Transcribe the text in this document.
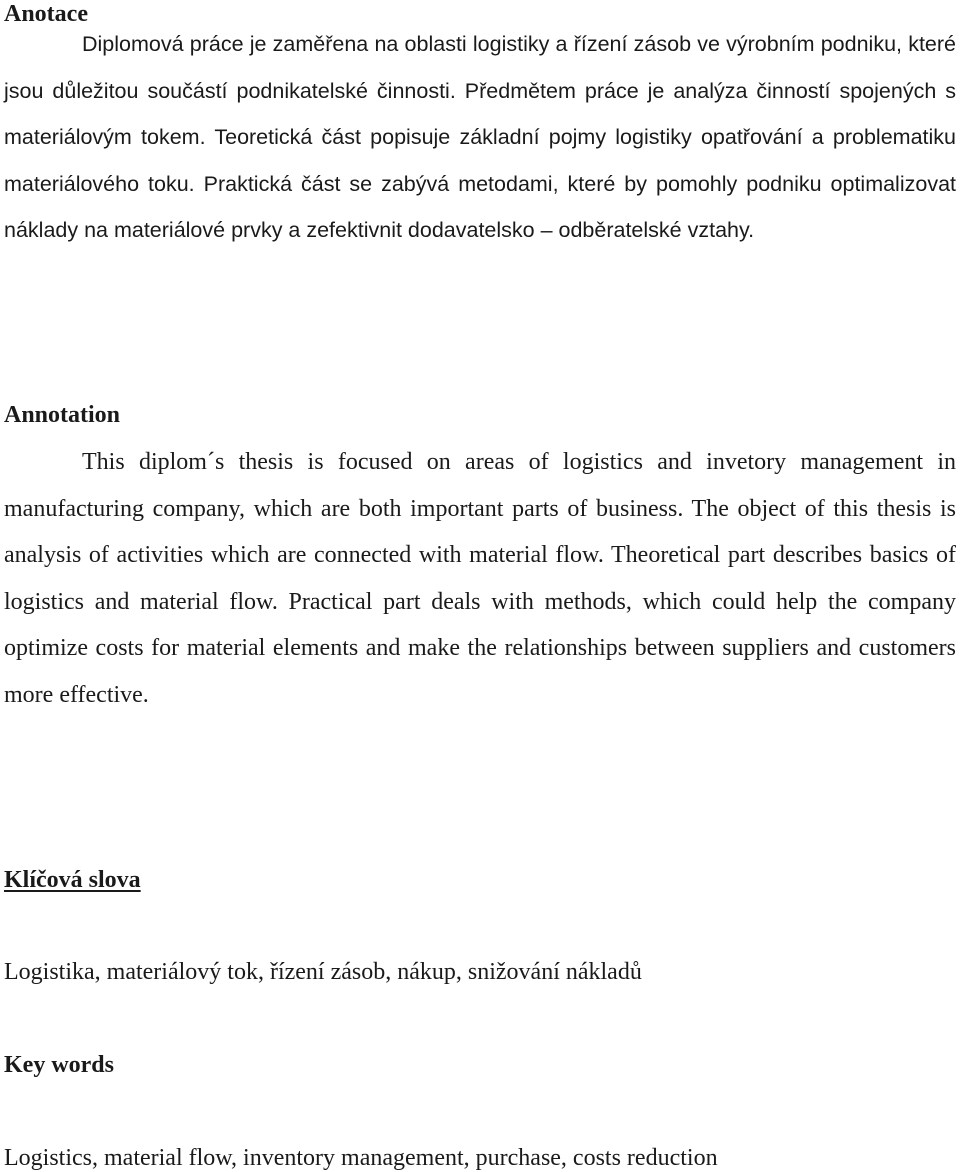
Anotace

Diplomová práce je zaměřena na oblasti logistiky a řízení zásob ve výrobním podniku, které jsou důležitou součástí podnikatelské činnosti. Předmětem práce je analýza činností spojených s materiálovým tokem. Teoretická část popisuje základní pojmy logistiky opatřování a problematiku materiálového toku. Praktická část se zabývá metodami, které by pomohly podniku optimalizovat náklady na materiálové prvky a zefektivnit dodavatelsko – odběratelské vztahy.

Annotation

This diplom´s thesis is focused on areas of logistics and invetory management in manufacturing company, which are both important parts of business. The object of this thesis is analysis of activities which are connected with material flow. Theoretical part describes basics of logistics and material flow. Practical part deals with methods, which could help the company optimize costs for material elements and make the relationships between suppliers and customers more effective.

Klíčová slova

Logistika, materiálový tok, řízení zásob, nákup, snižování nákladů

Key words

Logistics, material flow, inventory management, purchase, costs reduction
